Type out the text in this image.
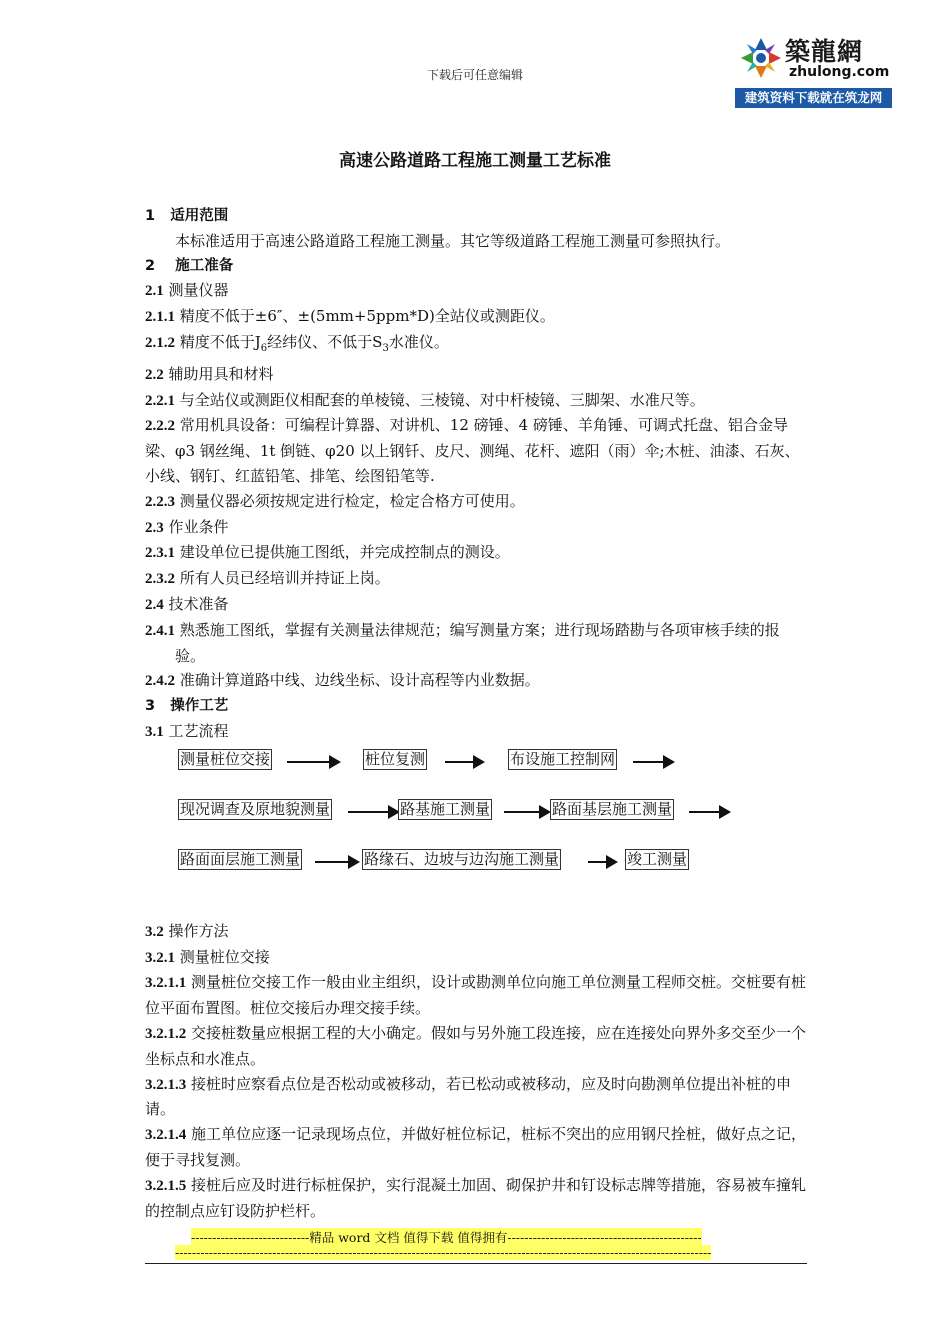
下载后可任意编辑
築龍網
zhulong.com
建筑资料下载就在筑龙网
高速公路道路工程施工测量工艺标准

1 适用范围

本标准适用于高速公路道路工程施工测量。其它等级道路工程施工测量可参照执行。

2 施工准备

2.1 测量仪器

2.1.1 精度不低于±6″、±(5mm+5ppm*D)全站仪或测距仪。

2.1.2 精度不低于$J_6$经纬仪、不低于$S_3$水准仪。

2.2 辅助用具和材料

2.2.1 与全站仪或测距仪相配套的单棱镜、三棱镜、对中杆棱镜、三脚架、水准尺等。

2.2.2 常用机具设备：可编程计算器、对讲机、12 磅锤、4 磅锤、羊角锤、可调式托盘、铝合金导梁、φ3 钢丝绳、1t 倒链、φ20 以上钢钎、皮尺、测绳、花杆、遮阳（雨）伞;木桩、油漆、石灰、小线、钢钉、红蓝铅笔、排笔、绘图铅笔等.

2.2.3 测量仪器必须按规定进行检定，检定合格方可使用。

2.3 作业条件

2.3.1 建设单位已提供施工图纸，并完成控制点的测设。

2.3.2 所有人员已经培训并持证上岗。

2.4 技术准备

2.4.1 熟悉施工图纸，掌握有关测量法律规范；编写测量方案；进行现场踏勘与各项审核手续的报验。

2.4.2 准确计算道路中线、边线坐标、设计高程等内业数据。

3 操作工艺

3.1 工艺流程

测量桩位交接	桩位复测	布设施工控制网
现况调查及原地貌测量	路基施工测量	路面基层施工测量
路面面层施工测量	路缘石、边坡与边沟施工测量	竣工测量

3.2 操作方法

3.2.1 测量桩位交接

3.2.1.1 测量桩位交接工作一般由业主组织，设计或勘测单位向施工单位测量工程师交桩。交桩要有桩位平面布置图。桩位交接后办理交接手续。

3.2.1.2 交接桩数量应根据工程的大小确定。假如与另外施工段连接，应在连接处向界外多交至少一个坐标点和水准点。

3.2.1.3 接桩时应察看点位是否松动或被移动，若已松动或被移动，应及时向勘测单位提出补桩的申请。

3.2.1.4 施工单位应逐一记录现场点位，并做好桩位标记，桩标不突出的应用钢尺拴桩，做好点之记，便于寻找复测。

3.2.1.5 接桩后应及时进行标桩保护，实行混凝土加固、砌保护井和钉设标志牌等措施，容易被车撞轧的控制点应钉设防护栏杆。

----------------------------精品 word 文档 值得下载 值得拥有----------------------------------------------
-------------------------------------------------------------------------------------------------------------------------------
